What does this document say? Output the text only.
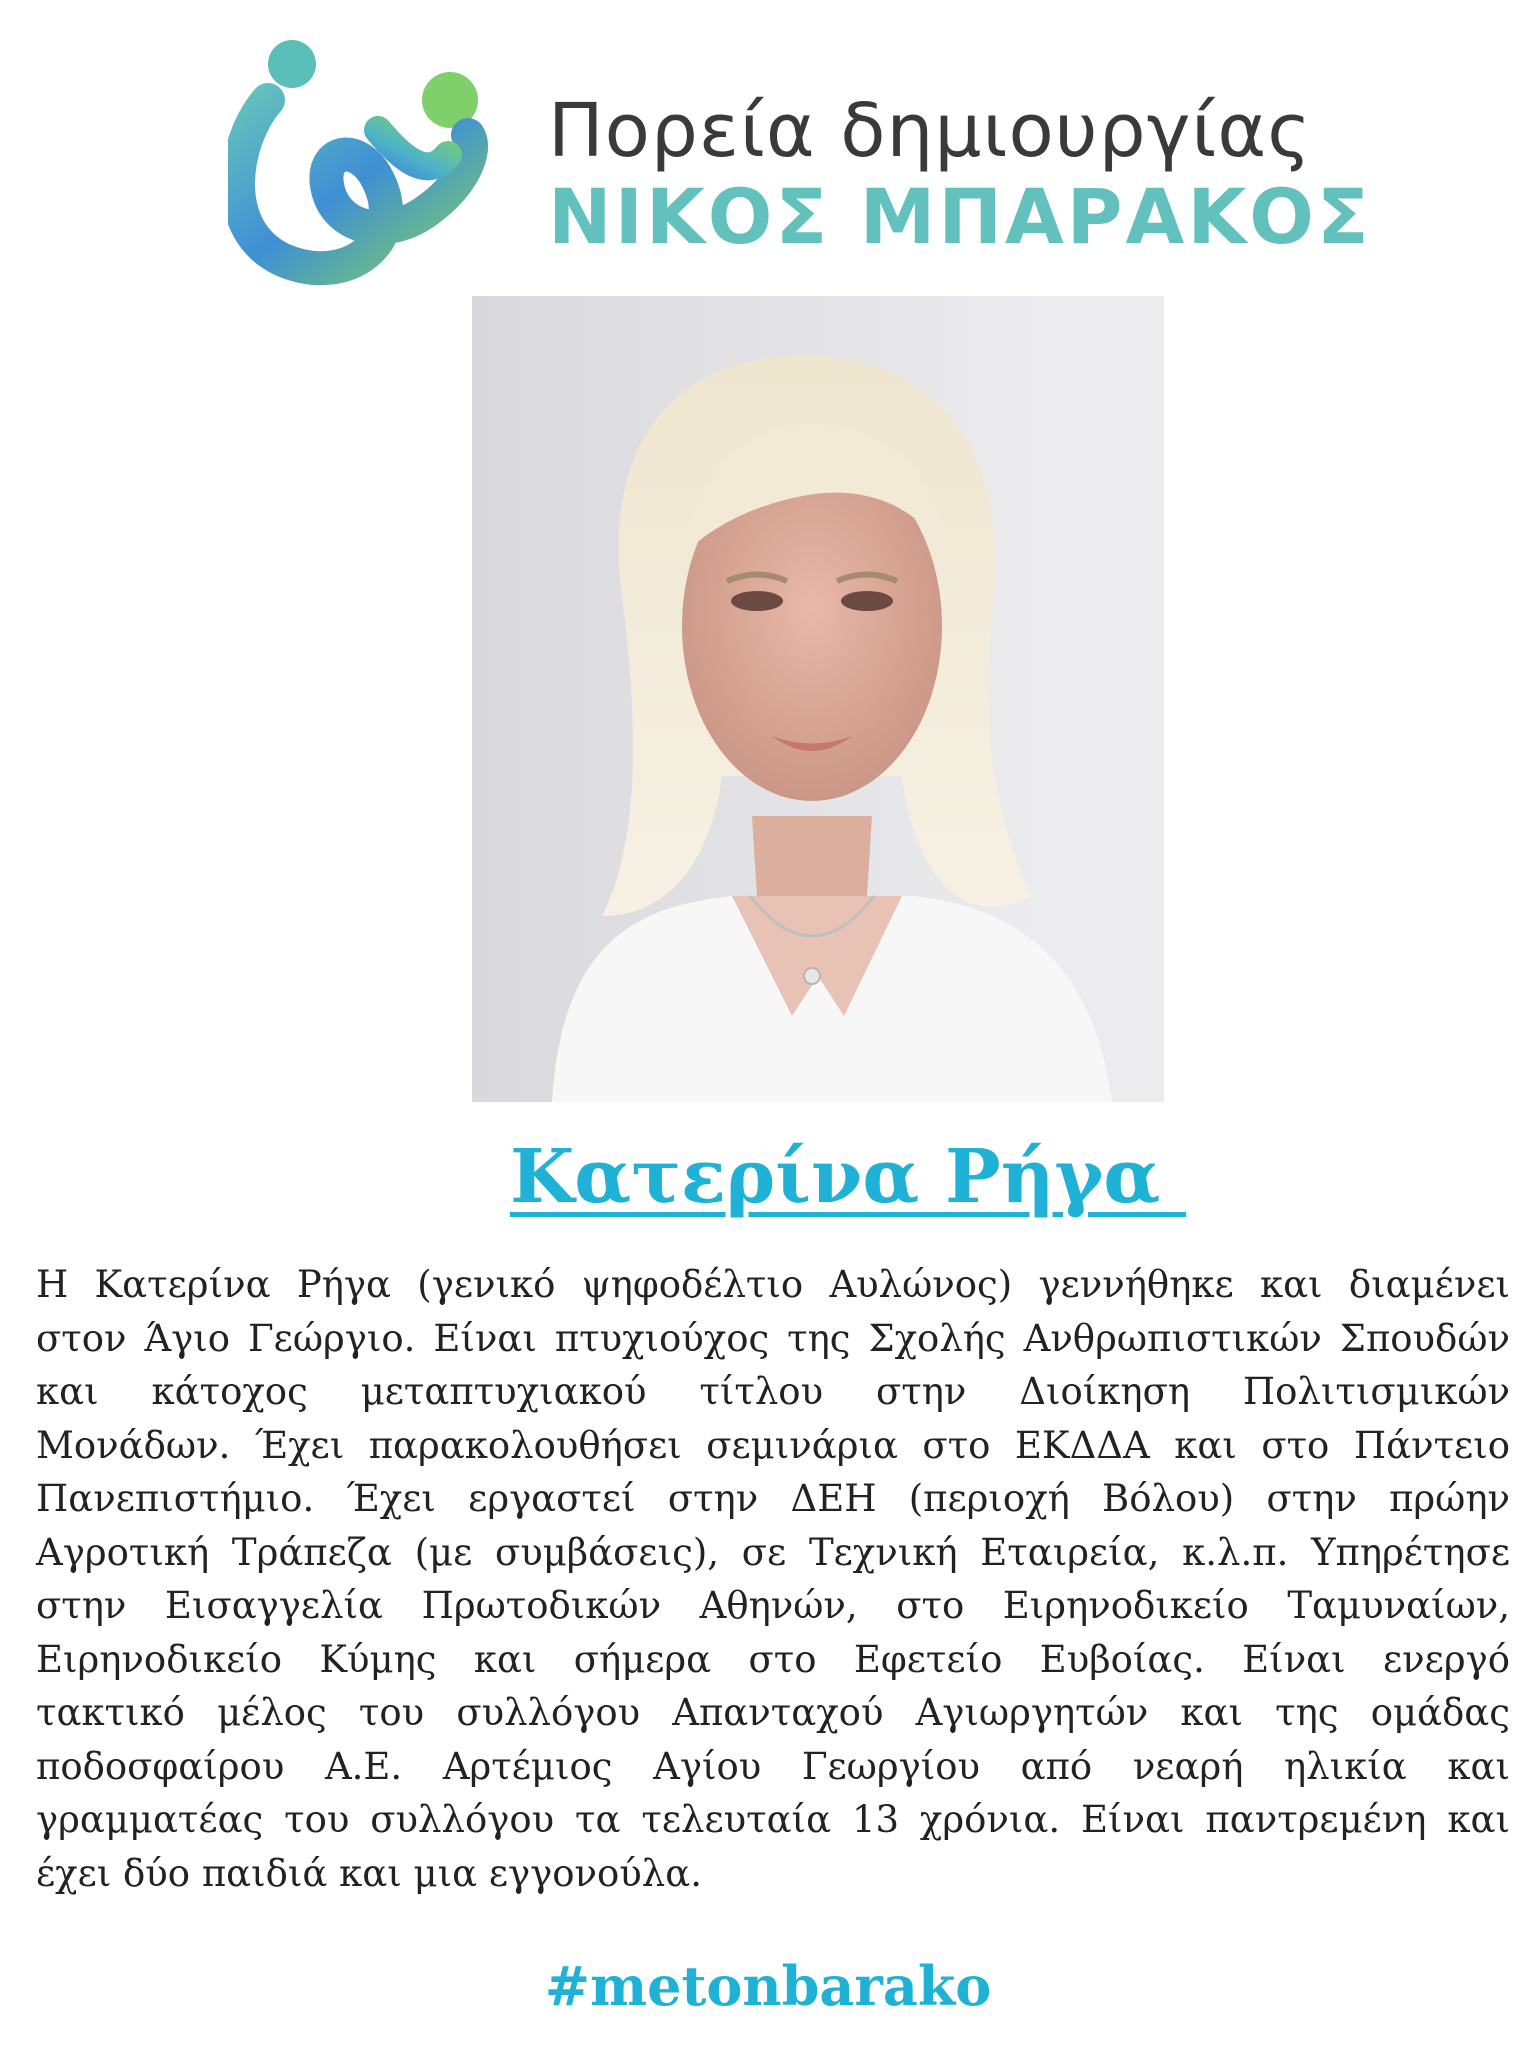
Πορεία δημιουργίας
ΝΙΚΟΣ ΜΠΑΡΑΚΟΣ
Κατερίνα Ρήγα
Η Κατερίνα Ρήγα (γενικό ψηφοδέλτιο Αυλώνος) γεννήθηκε και διαμένει
στον Άγιο Γεώργιο. Είναι πτυχιούχος της Σχολής Ανθρωπιστικών Σπουδών
και κάτοχος μεταπτυχιακού τίτλου στην Διοίκηση Πολιτισμικών
Μονάδων. Έχει παρακολουθήσει σεμινάρια στο ΕΚΔΔΑ και στο Πάντειο
Πανεπιστήμιο. Έχει εργαστεί στην ΔΕΗ (περιοχή Βόλου) στην πρώην
Αγροτική Τράπεζα (με συμβάσεις), σε Τεχνική Εταιρεία, κ.λ.π. Υπηρέτησε
στην Εισαγγελία Πρωτοδικών Αθηνών, στο Ειρηνοδικείο Ταμυναίων,
Ειρηνοδικείο Κύμης και σήμερα στο Εφετείο Ευβοίας. Είναι ενεργό
τακτικό μέλος του συλλόγου Απανταχού Αγιωργητών και της ομάδας
ποδοσφαίρου Α.Ε. Αρτέμιος Αγίου Γεωργίου από νεαρή ηλικία και
γραμματέας του συλλόγου τα τελευταία 13 χρόνια. Είναι παντρεμένη και
έχει δύο παιδιά και μια εγγονούλα.
#metonbarako
